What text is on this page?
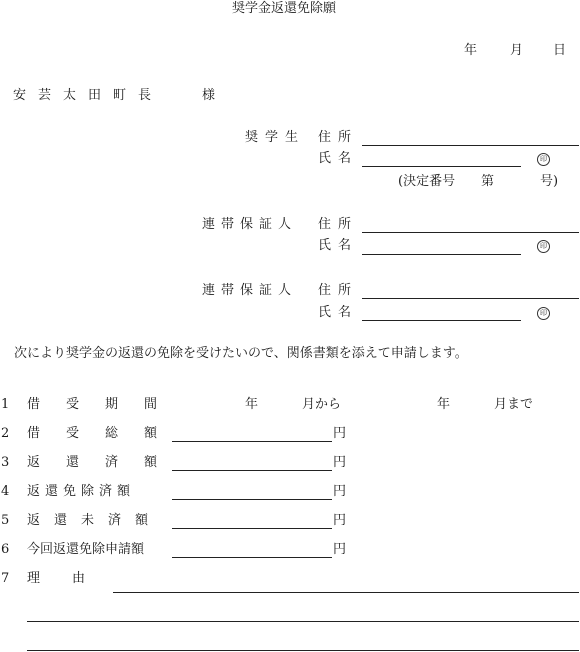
奨学金返還免除願
年	月 日
安芸太田町長	様
奨学生 住所
氏名	印
(決定番号 第	号)
連帯保証人 住所
氏名	印
連帯保証人 住所
氏名	印
次により奨学金の返還の免除を受けたいので、関係書類を添えて申請します。
1 借受期間	年	月から	年	月まで
2 借受総額	円
3 返還済額	円
4 返還免除済額	円
5 返還未済額	円
6 今回返還免除申請額	円
7 理由
